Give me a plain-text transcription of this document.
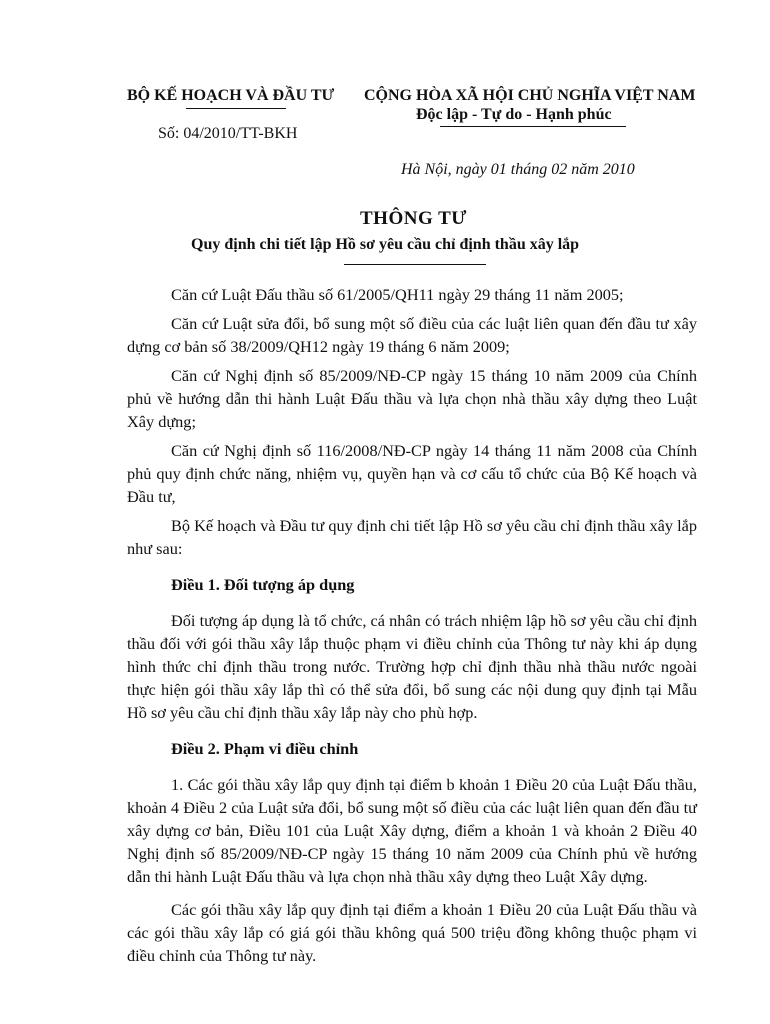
BỘ KẾ HOẠCH VÀ ĐẦU TƯ CỘNG HÒA XÃ HỘI CHỦ NGHĨA VIỆT NAM
Độc lập - Tự do - Hạnh phúc
Số: 04/2010/TT-BKH
Hà Nội, ngày 01 tháng 02 năm 2010
THÔNG TƯ
Quy định chi tiết lập Hồ sơ yêu cầu chỉ định thầu xây lắp

Căn cứ Luật Đấu thầu số 61/2005/QH11 ngày 29 tháng 11 năm 2005;

Căn cứ Luật sửa đổi, bổ sung một số điều của các luật liên quan đến đầu tư xây dựng cơ bản số 38/2009/QH12 ngày 19 tháng 6 năm 2009;

Căn cứ Nghị định số 85/2009/NĐ-CP ngày 15 tháng 10 năm 2009 của Chính phủ về hướng dẫn thi hành Luật Đấu thầu và lựa chọn nhà thầu xây dựng theo Luật Xây dựng;

Căn cứ Nghị định số 116/2008/NĐ-CP ngày 14 tháng 11 năm 2008 của Chính phủ quy định chức năng, nhiệm vụ, quyền hạn và cơ cấu tổ chức của Bộ Kế hoạch và Đầu tư,

Bộ Kế hoạch và Đầu tư quy định chi tiết lập Hồ sơ yêu cầu chỉ định thầu xây lắp như sau:

Điều 1. Đối tượng áp dụng

Đối tượng áp dụng là tổ chức, cá nhân có trách nhiệm lập hồ sơ yêu cầu chỉ định thầu đối với gói thầu xây lắp thuộc phạm vi điều chỉnh của Thông tư này khi áp dụng hình thức chỉ định thầu trong nước. Trường hợp chỉ định thầu nhà thầu nước ngoài thực hiện gói thầu xây lắp thì có thể sửa đổi, bổ sung các nội dung quy định tại Mẫu Hồ sơ yêu cầu chỉ định thầu xây lắp này cho phù hợp.

Điều 2. Phạm vi điều chỉnh

1. Các gói thầu xây lắp quy định tại điểm b khoản 1 Điều 20 của Luật Đấu thầu, khoản 4 Điều 2 của Luật sửa đổi, bổ sung một số điều của các luật liên quan đến đầu tư xây dựng cơ bản, Điều 101 của Luật Xây dựng, điểm a khoản 1 và khoản 2 Điều 40 Nghị định số 85/2009/NĐ-CP ngày 15 tháng 10 năm 2009 của Chính phủ về hướng dẫn thi hành Luật Đấu thầu và lựa chọn nhà thầu xây dựng theo Luật Xây dựng.

Các gói thầu xây lắp quy định tại điểm a khoản 1 Điều 20 của Luật Đấu thầu và các gói thầu xây lắp có giá gói thầu không quá 500 triệu đồng không thuộc phạm vi điều chỉnh của Thông tư này.
